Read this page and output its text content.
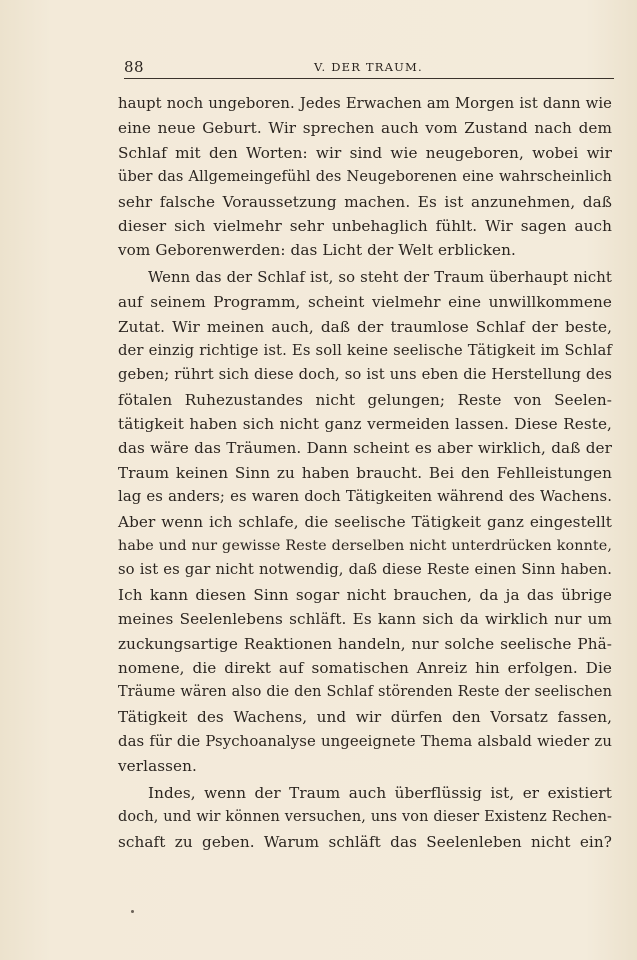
88	V. DER TRAUM.
haupt noch ungeboren. Jedes Erwachen am Morgen ist dann wie
eine neue Geburt. Wir sprechen auch vom Zustand nach dem
Schlaf mit den Worten: wir sind wie neugeboren, wobei wir
über das Allgemeingefühl des Neugeborenen eine wahrscheinlich
sehr falsche Voraussetzung machen. Es ist anzunehmen, daß
dieser sich vielmehr sehr unbehaglich fühlt. Wir sagen auch
vom Geborenwerden: das Licht der Welt erblicken.
Wenn das der Schlaf ist, so steht der Traum überhaupt nicht
auf seinem Programm, scheint vielmehr eine unwillkommene
Zutat. Wir meinen auch, daß der traumlose Schlaf der beste,
der einzig richtige ist. Es soll keine seelische Tätigkeit im Schlaf
geben; rührt sich diese doch, so ist uns eben die Herstellung des
fötalen Ruhezustandes nicht gelungen; Reste von Seelen-
tätigkeit haben sich nicht ganz vermeiden lassen. Diese Reste,
das wäre das Träumen. Dann scheint es aber wirklich, daß der
Traum keinen Sinn zu haben braucht. Bei den Fehlleistungen
lag es anders; es waren doch Tätigkeiten während des Wachens.
Aber wenn ich schlafe, die seelische Tätigkeit ganz eingestellt
habe und nur gewisse Reste derselben nicht unterdrücken konnte,
so ist es gar nicht notwendig, daß diese Reste einen Sinn haben.
Ich kann diesen Sinn sogar nicht brauchen, da ja das übrige
meines Seelenlebens schläft. Es kann sich da wirklich nur um
zuckungsartige Reaktionen handeln, nur solche seelische Phä-
nomene, die direkt auf somatischen Anreiz hin erfolgen. Die
Träume wären also die den Schlaf störenden Reste der seelischen
Tätigkeit des Wachens, und wir dürfen den Vorsatz fassen,
das für die Psychoanalyse ungeeignete Thema alsbald wieder zu
verlassen.
Indes, wenn der Traum auch überflüssig ist, er existiert
doch, und wir können versuchen, uns von dieser Existenz Rechen-
schaft zu geben. Warum schläft das Seelenleben nicht ein?
